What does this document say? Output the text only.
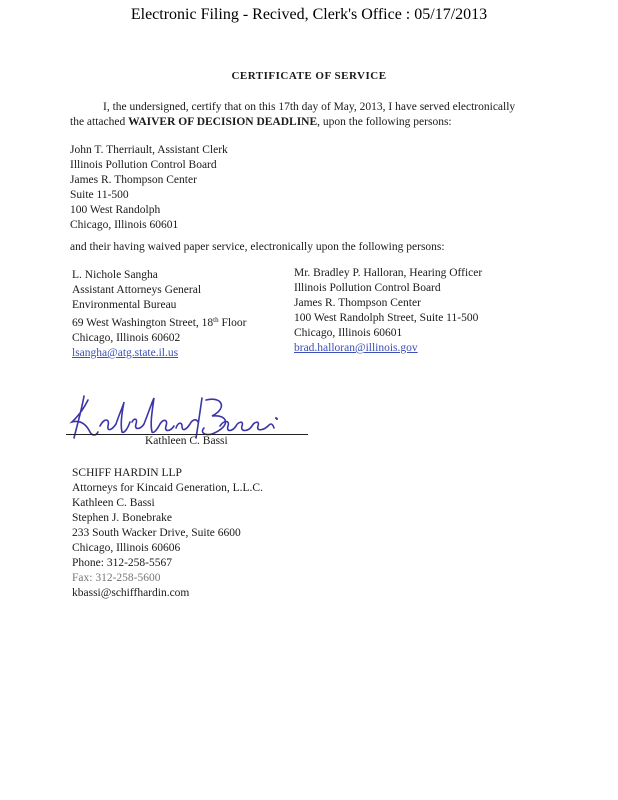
Electronic Filing - Recived, Clerk's Office : 05/17/2013
CERTIFICATE OF SERVICE
I, the undersigned, certify that on this 17th day of May, 2013, I have served electronically
the attached WAIVER OF DECISION DEADLINE, upon the following persons:
John T. Therriault, Assistant Clerk
Illinois Pollution Control Board
James R. Thompson Center
Suite 11-500
100 West Randolph
Chicago, Illinois 60601
and their having waived paper service, electronically upon the following persons:
L. Nichole Sangha
Assistant Attorneys General
Environmental Bureau
69 West Washington Street, 18th Floor
Chicago, Illinois 60602
lsangha@atg.state.il.us
Mr. Bradley P. Halloran, Hearing Officer
Illinois Pollution Control Board
James R. Thompson Center
100 West Randolph Street, Suite 11-500
Chicago, Illinois 60601
brad.halloran@illinois.gov
Kathleen C. Bassi
SCHIFF HARDIN LLP
Attorneys for Kincaid Generation, L.L.C.
Kathleen C. Bassi
Stephen J. Bonebrake
233 South Wacker Drive, Suite 6600
Chicago, Illinois 60606
Phone: 312-258-5567
Fax: 312-258-5600
kbassi@schiffhardin.com
